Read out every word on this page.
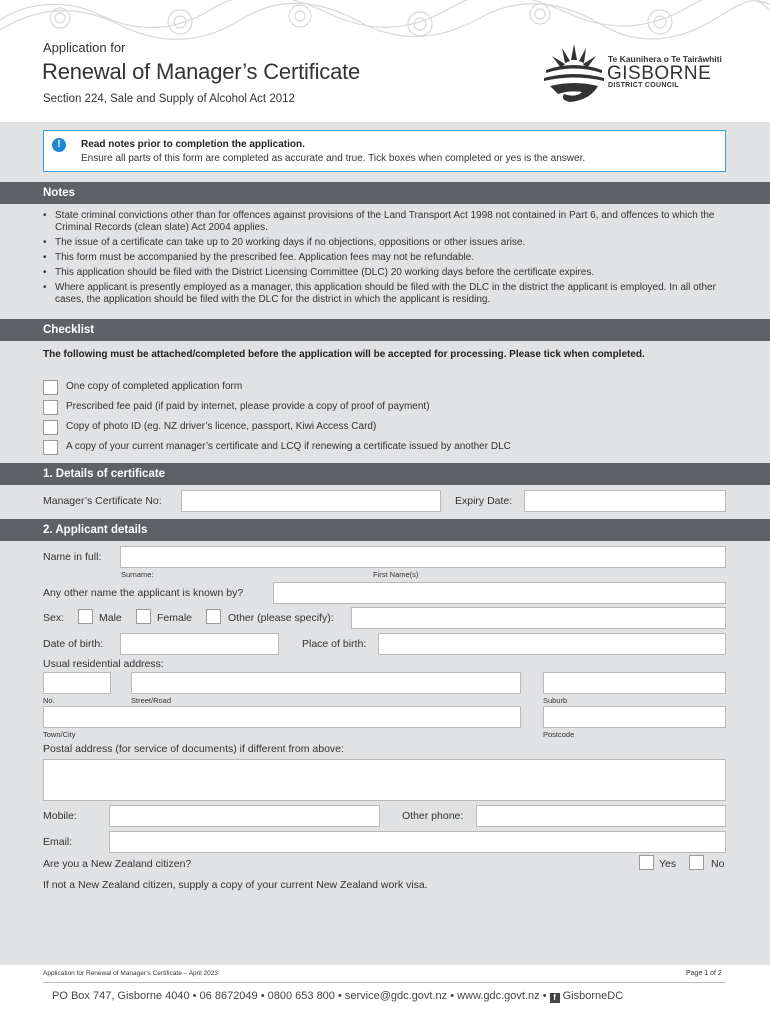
Application for
Renewal of Manager’s Certificate
Section 224, Sale and Supply of Alcohol Act 2012
Te Kaunihera o Te Tairāwhiti
GISBORNE
DISTRICT COUNCIL
!	Read notes prior to completion the application.
Ensure all parts of this form are completed as accurate and true. Tick boxes when completed or yes is the answer.
Notes
• State criminal convictions other than for offences against provisions of the Land Transport Act 1998 not contained in Part 6, and offences to which the Criminal Records (clean slate) Act 2004 applies.
• The issue of a certificate can take up to 20 working days if no objections, oppositions or other issues arise.
• This form must be accompanied by the prescribed fee. Application fees may not be refundable.
• This application should be filed with the District Licensing Committee (DLC) 20 working days before the certificate expires.
• Where applicant is presently employed as a manager, this application should be filed with the DLC in the district the applicant is employed. In all other cases, the application should be filed with the DLC for the district in which the applicant is residing.
Checklist
The following must be attached/completed before the application will be accepted for processing. Please tick when completed.
One copy of completed application form
Prescribed fee paid (if paid by internet, please provide a copy of proof of payment)
Copy of photo ID (eg. NZ driver’s licence, passport, Kiwi Access Card)
A copy of your current manager’s certificate and LCQ if renewing a certificate issued by another DLC
1. Details of certificate
Manager’s Certificate No:	Expiry Date:
2. Applicant details
Name in full:
Surname:	First Name(s)
Any other name the applicant is known by?
Sex:	Male	Female	Other (please specify):
Date of birth:	Place of birth:
Usual residential address:
No.	Street/Road	Suburb
Town/City	Postcode
Postal address (for service of documents) if different from above:
Mobile:	Other phone:
Email:
Are you a New Zealand citizen?	Yes	No
If not a New Zealand citizen, supply a copy of your current New Zealand work visa.
Application for Renewal of Manager’s Certificate – April 2023	Page 1 of 2
PO Box 747, Gisborne 4040 • 06 8672049 • 0800 653 800 • service@gdc.govt.nz • www.gdc.govt.nz • f GisborneDC
